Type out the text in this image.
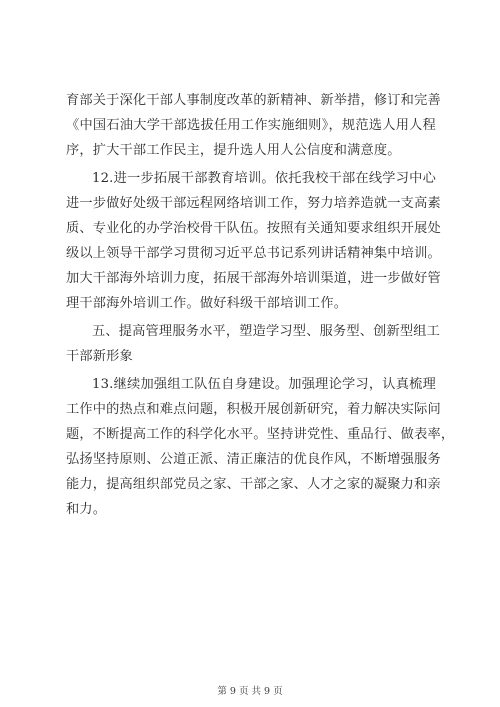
育部关于深化干部人事制度改革的新精神、新举措，修订和完善
《中国石油大学干部选拔任用工作实施细则》，规范选人用人程
序，扩大干部工作民主，提升选人用人公信度和满意度。
12.进一步拓展干部教育培训。依托我校干部在线学习中心
进一步做好处级干部远程网络培训工作，努力培养造就一支高素
质、专业化的办学治校骨干队伍。按照有关通知要求组织开展处
级以上领导干部学习贯彻习近平总书记系列讲话精神集中培训。
加大干部海外培训力度，拓展干部海外培训渠道，进一步做好管
理干部海外培训工作。做好科级干部培训工作。
五、提高管理服务水平，塑造学习型、服务型、创新型组工
干部新形象
13.继续加强组工队伍自身建设。加强理论学习，认真梳理
工作中的热点和难点问题，积极开展创新研究，着力解决实际问
题，不断提高工作的科学化水平。坚持讲党性、重品行、做表率，
弘扬坚持原则、公道正派、清正廉洁的优良作风，不断增强服务
能力，提高组织部党员之家、干部之家、人才之家的凝聚力和亲
和力。
第 9 页 共 9 页
